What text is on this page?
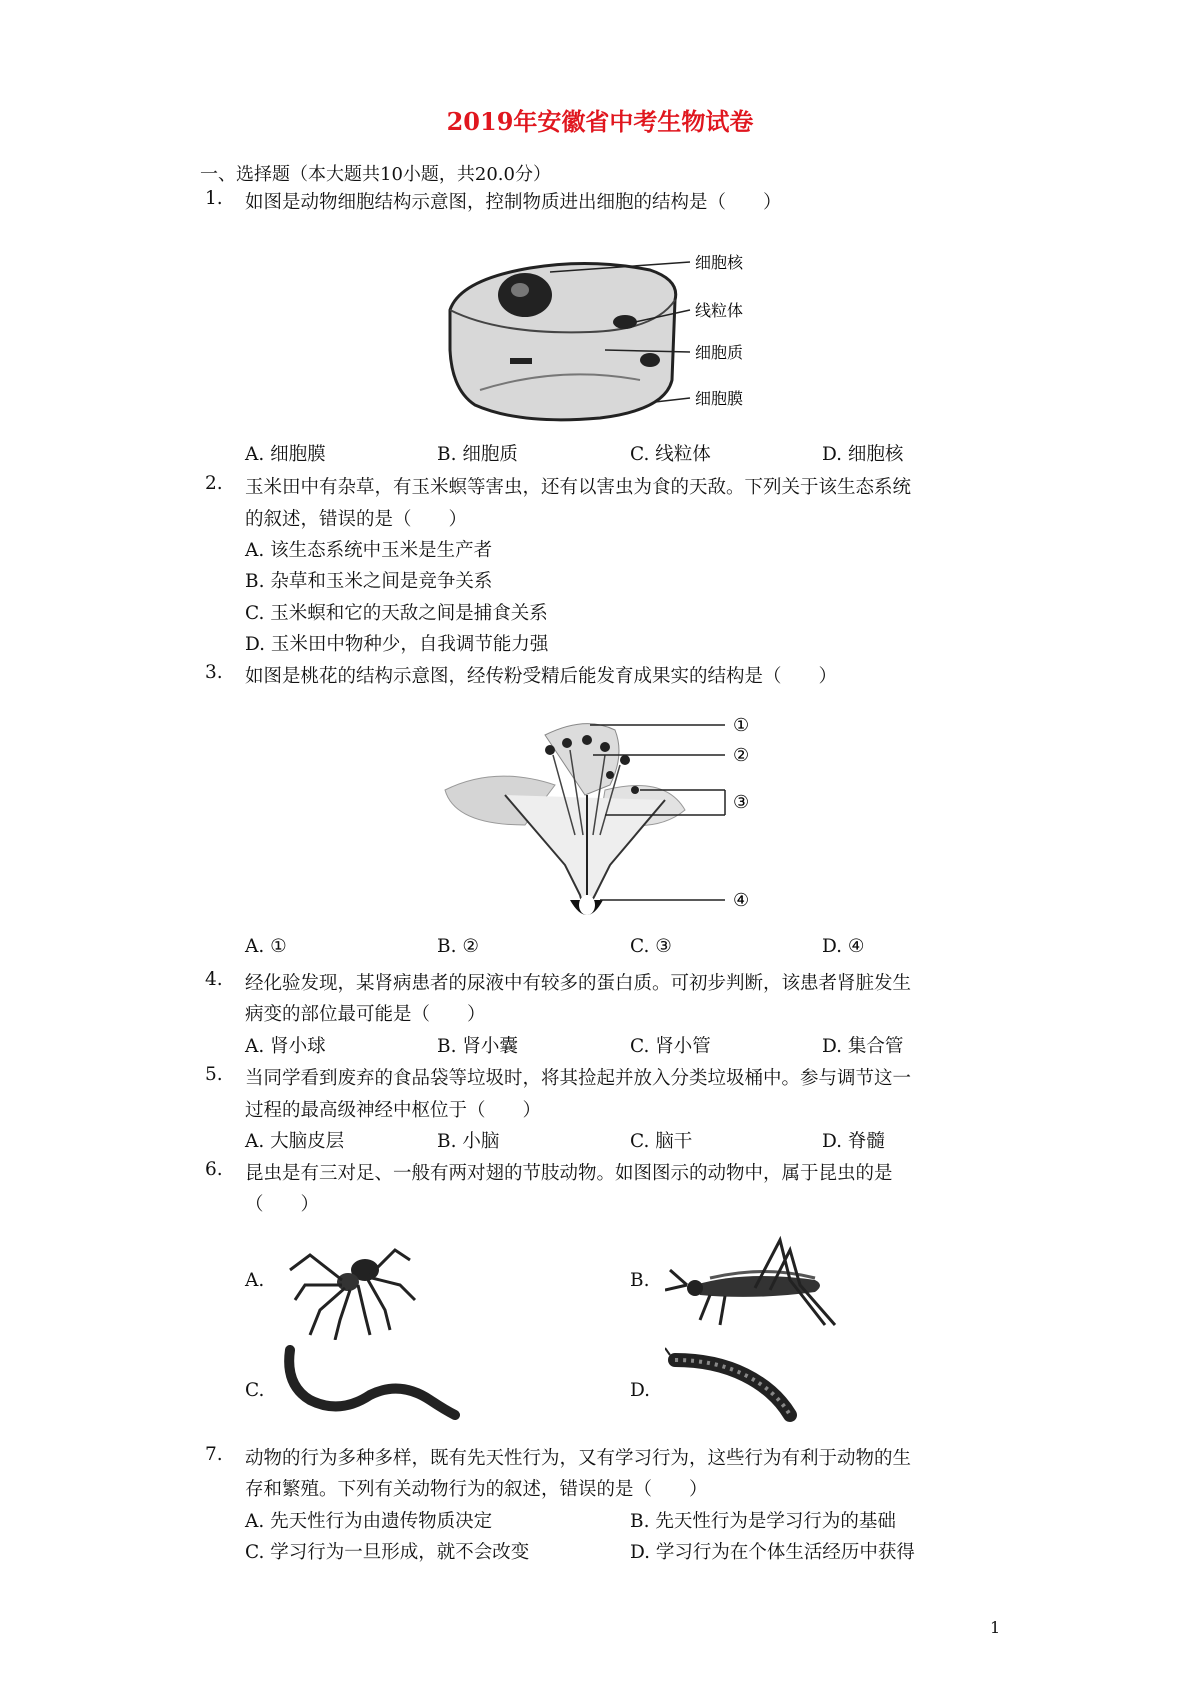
2019年安徽省中考生物试卷
一、选择题（本大题共10小题，共20.0分）
1. 如图是动物细胞结构示意图，控制物质进出细胞的结构是（　　）
细胞核
线粒体
细胞质
细胞膜
A. 细胞膜	B. 细胞质	C. 线粒体	D. 细胞核
2. 玉米田中有杂草，有玉米螟等害虫，还有以害虫为食的天敌。下列关于该生态系统
的叙述，错误的是（　　）
A. 该生态系统中玉米是生产者
B. 杂草和玉米之间是竞争关系
C. 玉米螟和它的天敌之间是捕食关系
D. 玉米田中物种少，自我调节能力强
3. 如图是桃花的结构示意图，经传粉受精后能发育成果实的结构是（　　）
①
②
③
④
A. ①	B. ②	C. ③	D. ④
4. 经化验发现，某肾病患者的尿液中有较多的蛋白质。可初步判断，该患者肾脏发生
病变的部位最可能是（　　）
A. 肾小球	B. 肾小囊	C. 肾小管	D. 集合管
5. 当同学看到废弃的食品袋等垃圾时，将其捡起并放入分类垃圾桶中。参与调节这一
过程的最高级神经中枢位于（　　）
A. 大脑皮层	B. 小脑	C. 脑干	D. 脊髓
6. 昆虫是有三对足、一般有两对翅的节肢动物。如图图示的动物中，属于昆虫的是
（　　）
A.	B.
C.	D.
7. 动物的行为多种多样，既有先天性行为，又有学习行为，这些行为有利于动物的生
存和繁殖。下列有关动物行为的叙述，错误的是（　　）
A. 先天性行为由遗传物质决定	B. 先天性行为是学习行为的基础
C. 学习行为一旦形成，就不会改变	D. 学习行为在个体生活经历中获得
1
